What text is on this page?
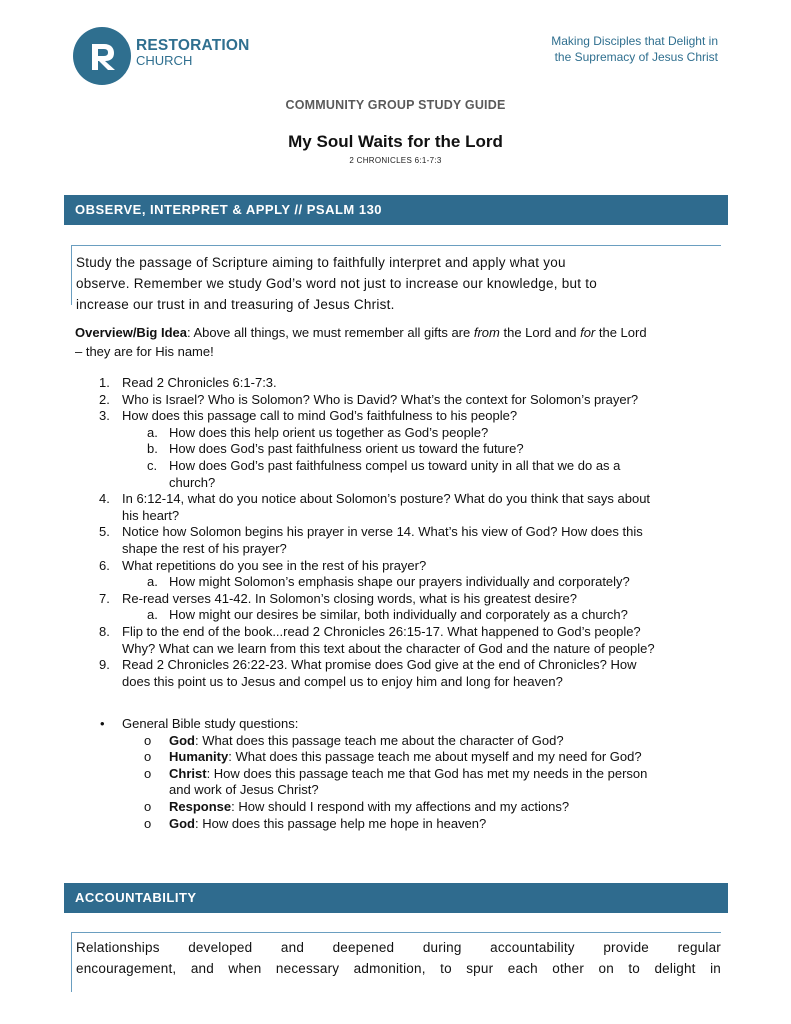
RESTORATION
CHURCH
Making Disciples that Delight in
the Supremacy of Jesus Christ
COMMUNITY GROUP STUDY GUIDE
My Soul Waits for the Lord
2 CHRONICLES 6:1-7:3
OBSERVE, INTERPRET & APPLY // PSALM 130
Study the passage of Scripture aiming to faithfully interpret and apply what you
observe. Remember we study God’s word not just to increase our knowledge, but to
increase our trust in and treasuring of Jesus Christ.
Overview/Big Idea: Above all things, we must remember all gifts are from the Lord and for the Lord
– they are for His name!
1. Read 2 Chronicles 6:1-7:3.
2. Who is Israel? Who is Solomon? Who is David? What’s the context for Solomon’s prayer?
3. How does this passage call to mind God’s faithfulness to his people?
a. How does this help orient us together as God’s people?
b. How does God’s past faithfulness orient us toward the future?
c. How does God’s past faithfulness compel us toward unity in all that we do as a
church?
4. In 6:12-14, what do you notice about Solomon’s posture? What do you think that says about
his heart?
5. Notice how Solomon begins his prayer in verse 14. What’s his view of God? How does this
shape the rest of his prayer?
6. What repetitions do you see in the rest of his prayer?
a. How might Solomon’s emphasis shape our prayers individually and corporately?
7. Re-read verses 41-42. In Solomon’s closing words, what is his greatest desire?
a. How might our desires be similar, both individually and corporately as a church?
8. Flip to the end of the book...read 2 Chronicles 26:15-17. What happened to God’s people?
Why? What can we learn from this text about the character of God and the nature of people?
9. Read 2 Chronicles 26:22-23. What promise does God give at the end of Chronicles? How
does this point us to Jesus and compel us to enjoy him and long for heaven?
• General Bible study questions:
o God: What does this passage teach me about the character of God?
o Humanity: What does this passage teach me about myself and my need for God?
o Christ: How does this passage teach me that God has met my needs in the person
and work of Jesus Christ?
o Response: How should I respond with my affections and my actions?
o God: How does this passage help me hope in heaven?
ACCOUNTABILITY
Relationships developed and deepened during accountability provide regular
encouragement, and when necessary admonition, to spur each other on to delight in
